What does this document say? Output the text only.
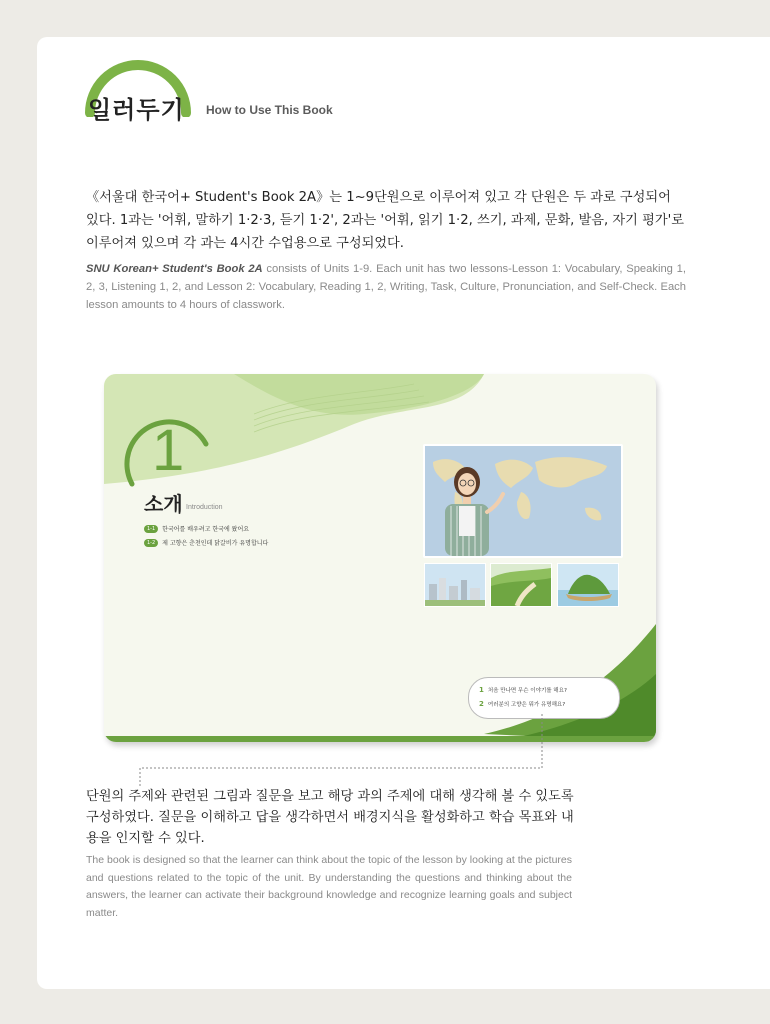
일러두기 How to Use This Book

《서울대 한국어+ Student's Book 2A》는 1~9단원으로 이루어져 있고 각 단원은 두 과로 구성되어 있다. 1과는 '어휘, 말하기 1·2·3, 듣기 1·2', 2과는 '어휘, 읽기 1·2, 쓰기, 과제, 문화, 발음, 자기 평가'로 이루어져 있으며 각 과는 4시간 수업용으로 구성되었다.

SNU Korean+ Student's Book 2A consists of Units 1-9. Each unit has two lessons-Lesson 1: Vocabulary, Speaking 1, 2, 3, Listening 1, 2, and Lesson 2: Vocabulary, Reading 1, 2, Writing, Task, Culture, Pronunciation, and Self-Check. Each lesson amounts to 4 hours of classwork.

1
소개 Introduction
1-1	한국어를 배우려고 한국에 왔어요
1-2	제 고향은 춘천인데 닭갈비가 유명합니다
1 처음 만나면 무슨 이야기를 해요?
2 여러분의 고향은 뭐가 유명해요?

단원의 주제와 관련된 그림과 질문을 보고 해당 과의 주제에 대해 생각해 볼 수 있도록 구성하였다. 질문을 이해하고 답을 생각하면서 배경지식을 활성화하고 학습 목표와 내용을 인지할 수 있다.

The book is designed so that the learner can think about the topic of the lesson by looking at the pictures and questions related to the topic of the unit. By understanding the questions and thinking about the answers, the learner can activate their background knowledge and recognize learning goals and subject matter.
